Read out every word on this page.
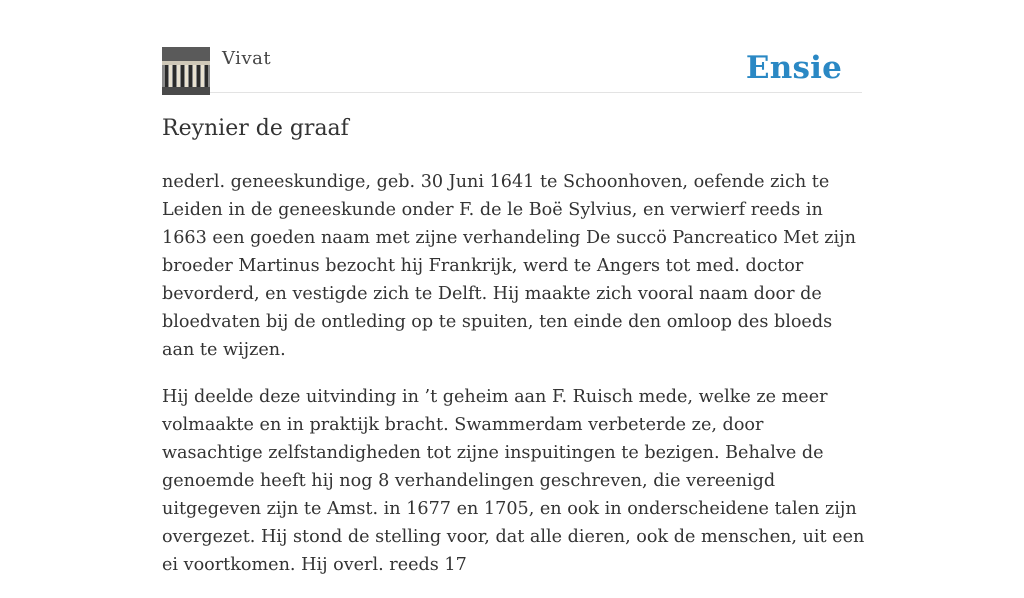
Vivat	Ensie
Reynier de graaf

nederl. geneeskundige, geb. 30 Juni 1641 te Schoonhoven, oefende zich te Leiden in de geneeskunde onder F. de le Boë Sylvius, en verwierf reeds in 1663 een goeden naam met zijne verhandeling De succö Pancreatico Met zijn broeder Martinus bezocht hij Frankrijk, werd te Angers tot med. doctor bevorderd, en vestigde zich te Delft. Hij maakte zich vooral naam door de bloedvaten bij de ontleding op te spuiten, ten einde den omloop des bloeds aan te wijzen.

Hij deelde deze uitvinding in ’t geheim aan F. Ruisch mede, welke ze meer volmaakte en in praktijk bracht. Swammerdam verbeterde ze, door wasachtige zelfstandigheden tot zijne inspuitingen te bezigen. Behalve de genoemde heeft hij nog 8 verhandelingen geschreven, die vereenigd uitgegeven zijn te Amst. in 1677 en 1705, en ook in onderscheidene talen zijn overgezet. Hij stond de stelling voor, dat alle dieren, ook de menschen, uit een ei voortkomen. Hij overl. reeds 17
